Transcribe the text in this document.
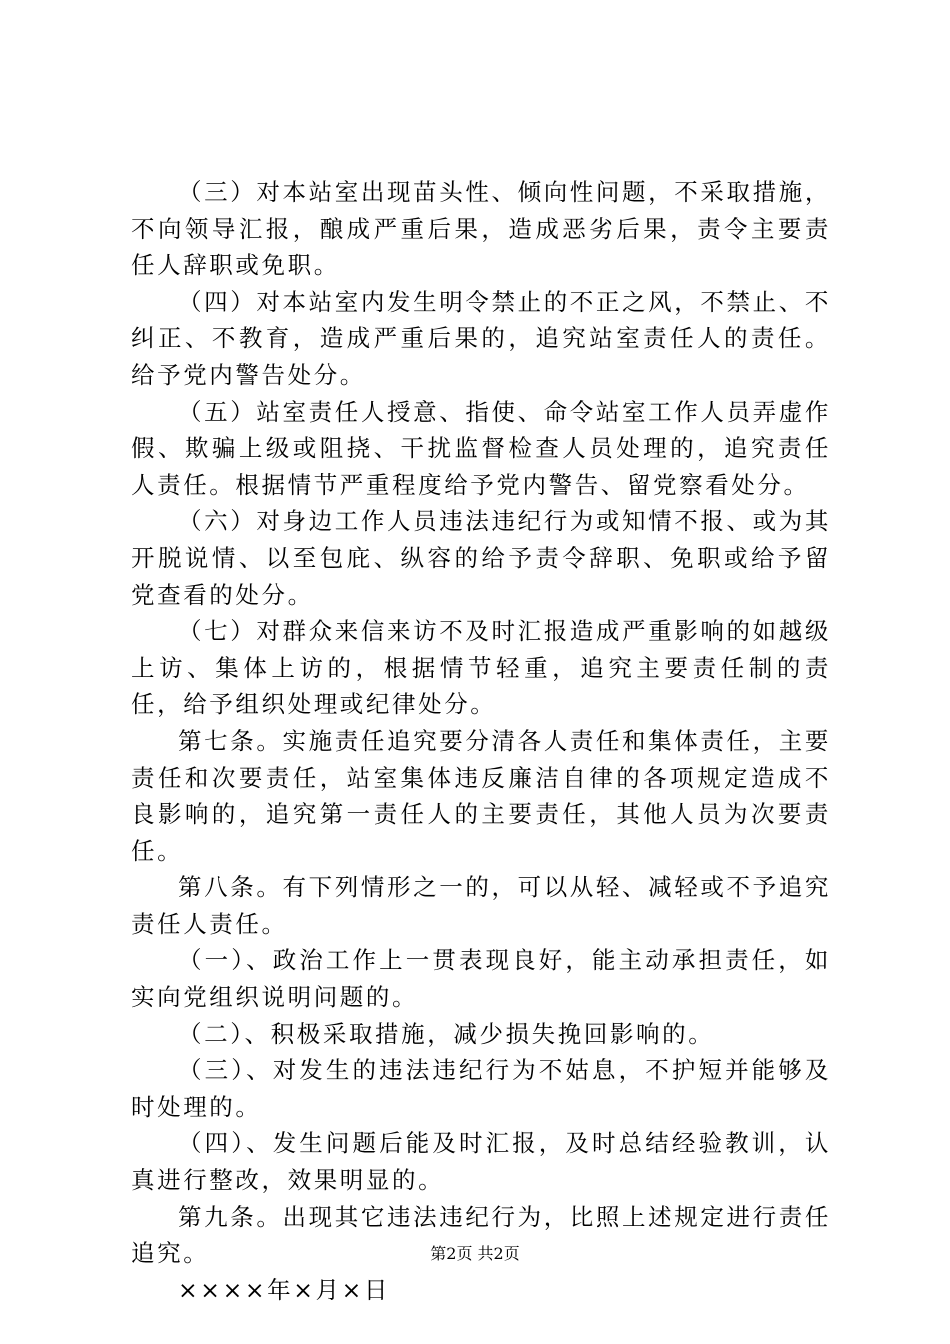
（三）对本站室出现苗头性、倾向性问题，不采取措施，不向领导汇报，酿成严重后果，造成恶劣后果，责令主要责任人辞职或免职。

（四）对本站室内发生明令禁止的不正之风，不禁止、不纠正、不教育，造成严重后果的，追究站室责任人的责任。给予党内警告处分。

（五）站室责任人授意、指使、命令站室工作人员弄虚作假、欺骗上级或阻挠、干扰监督检查人员处理的，追究责任人责任。根据情节严重程度给予党内警告、留党察看处分。

（六）对身边工作人员违法违纪行为或知情不报、或为其开脱说情、以至包庇、纵容的给予责令辞职、免职或给予留党查看的处分。

（七）对群众来信来访不及时汇报造成严重影响的如越级上访、集体上访的，根据情节轻重，追究主要责任制的责任，给予组织处理或纪律处分。

第七条。实施责任追究要分清各人责任和集体责任，主要责任和次要责任，站室集体违反廉洁自律的各项规定造成不良影响的，追究第一责任人的主要责任，其他人员为次要责任。

第八条。有下列情形之一的，可以从轻、减轻或不予追究责任人责任。

（一）、政治工作上一贯表现良好，能主动承担责任，如实向党组织说明问题的。

（二）、积极采取措施，减少损失挽回影响的。

（三）、对发生的违法违纪行为不姑息，不护短并能够及时处理的。

（四）、发生问题后能及时汇报，及时总结经验教训，认真进行整改，效果明显的。

第九条。出现其它违法违纪行为，比照上述规定进行责任追究。

××××年×月×日

第2页 共2页
